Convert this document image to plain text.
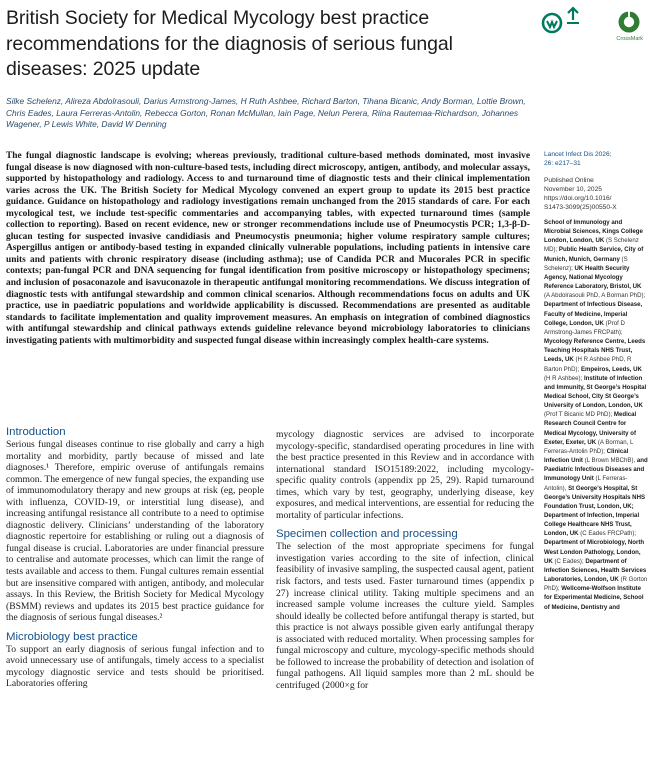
British Society for Medical Mycology best practice recommendations for the diagnosis of serious fungal diseases: 2025 update
CrossMark

Silke Schelenz, Alireza Abdolrasouli, Darius Armstrong-James, H Ruth Ashbee, Richard Barton, Tihana Bicanic, Andy Borman, Lottie Brown, Chris Eades, Laura Ferreras-Antolin, Rebecca Gorton, Ronan McMullan, Iain Page, Nelun Perera, Riina Rautemaa-Richardson, Johannes Wagener, P Lewis White, David W Denning

The fungal diagnostic landscape is evolving; whereas previously, traditional culture-based methods dominated, most invasive fungal disease is now diagnosed with non-culture-based tests, including direct microscopy, antigen, antibody, and molecular assays, supported by histopathology and radiology. Access to and turnaround time of diagnostic tests and their clinical implementation varies across the UK. The British Society for Medical Mycology convened an expert group to update its 2015 best practice guidance. Guidance on histopathology and radiology investigations remain unchanged from the 2015 standards of care. For each mycological test, we include test-specific commentaries and accompanying tables, with expected turnaround times (sample collection to reporting). Based on recent evidence, new or stronger recommendations include use of Pneumocystis PCR; 1,3-β-D-glucan testing for suspected invasive candidiasis and Pneumocystis pneumonia; higher volume respiratory sample cultures; Aspergillus antigen or antibody-based testing in expanded clinically vulnerable populations, including patients in intensive care units and patients with chronic respiratory disease (including asthma); use of Candida PCR and Mucorales PCR in specific contexts; pan-fungal PCR and DNA sequencing for fungal identification from positive microscopy or histopathology specimens; and inclusion of posaconazole and isavuconazole in therapeutic antifungal monitoring recommendations. We discuss integration of diagnostic tests with antifungal stewardship and common clinical scenarios. Although recommendations focus on adults and UK practice, use in paediatric populations and worldwide applicability is discussed. Recommendations are presented as auditable standards to facilitate implementation and quality improvement measures. An emphasis on integration of combined diagnostics with antifungal stewardship and clinical pathways extends guideline relevance beyond microbiology laboratories to clinicians investigating patients with multimorbidity and suspected fungal disease within increasingly complex health-care systems.

Introduction

Serious fungal diseases continue to rise globally and carry a high mortality and morbidity, partly because of missed and late diagnoses.¹ Therefore, empiric overuse of antifungals remains common. The emergence of new fungal species, the expanding use of immunomodulatory therapy and new groups at risk (eg, people with influenza, COVID-19, or interstitial lung disease), and increasing antifungal resistance all contribute to a need to optimise diagnostic delivery. Clinicians’ understanding of the laboratory diagnostic repertoire for establishing or ruling out a diagnosis of fungal disease is crucial. Laboratories are under financial pressure to centralise and automate processes, which can limit the range of tests available and access to them. Fungal cultures remain essential but are insensitive compared with antigen, antibody, and molecular assays. In this Review, the British Society for Medical Mycology (BSMM) reviews and updates its 2015 best practice guidance for the diagnosis of serious fungal diseases.²

Microbiology best practice

To support an early diagnosis of serious fungal infection and to avoid unnecessary use of antifungals, timely access to a specialist mycology diagnostic service and tests should be prioritised. Laboratories offering

mycology diagnostic services are advised to incorporate mycology-specific, standardised operating procedures in line with the best practice presented in this Review and in accordance with international standard ISO15189:2022, including mycology-specific quality controls (appendix pp 25, 29). Rapid turnaround times, which vary by test, geography, underlying disease, key exposures, and medical interventions, are essential for reducing the mortality of particular infections.

Specimen collection and processing

The selection of the most appropriate specimens for fungal investigation varies according to the site of infection, clinical feasibility of invasive sampling, the suspected causal agent, patient risk factors, and tests used. Faster turnaround times (appendix p 27) increase clinical utility. Taking multiple specimens and an increased sample volume increases the culture yield. Samples should ideally be collected before antifungal therapy is started, but this practice is not always possible given early antifungal therapy is associated with reduced mortality. When processing samples for fungal microscopy and culture, mycology-specific methods should be followed to increase the probability of detection and isolation of fungal pathogens. All liquid samples more than 2 mL should be centrifuged (2000×g for

Lancet Infect Dis 2026;
26: e217–31

Published Online
November 10, 2025
https://doi.org/10.1016/
S1473-3099(25)00550-X

School of Immunology and Microbial Sciences, Kings College London, London, UK (S Schelenz MD); Public Health Service, City of Munich, Munich, Germany (S Schelenz); UK Health Security Agency, National Mycology Reference Laboratory, Bristol, UK (A Abdolrasouli PhD, A Borman PhD); Department of Infectious Disease, Faculty of Medicine, Imperial College, London, UK (Prof D Armstrong-James FRCPath); Mycology Reference Centre, Leeds Teaching Hospitals NHS Trust, Leeds, UK (H R Ashbee PhD, R Barton PhD); Empeiros, Leeds, UK (H R Ashbee); Institute of Infection and Immunity, St George’s Hospital Medical School, City St George’s University of London, London, UK (Prof T Bicanic MD PhD); Medical Research Council Centre for Medical Mycology, University of Exeter, Exeter, UK (A Borman, L Ferreras-Antolin PhD); Clinical Infection Unit (L Brown MBChB), and Paediatric Infectious Diseases and Immunology Unit (L Ferreras-Antolin), St George’s Hospital, St George’s University Hospitals NHS Foundation Trust, London, UK; Department of Infection, Imperial College Healthcare NHS Trust, London, UK (C Eades FRCPath); Department of Microbiology, North West London Pathology, London, UK (C Eades); Department of Infection Sciences, Health Services Laboratories, London, UK (R Gorton PhD); Wellcome-Wolfson Institute for Experimental Medicine, School of Medicine, Dentistry and
